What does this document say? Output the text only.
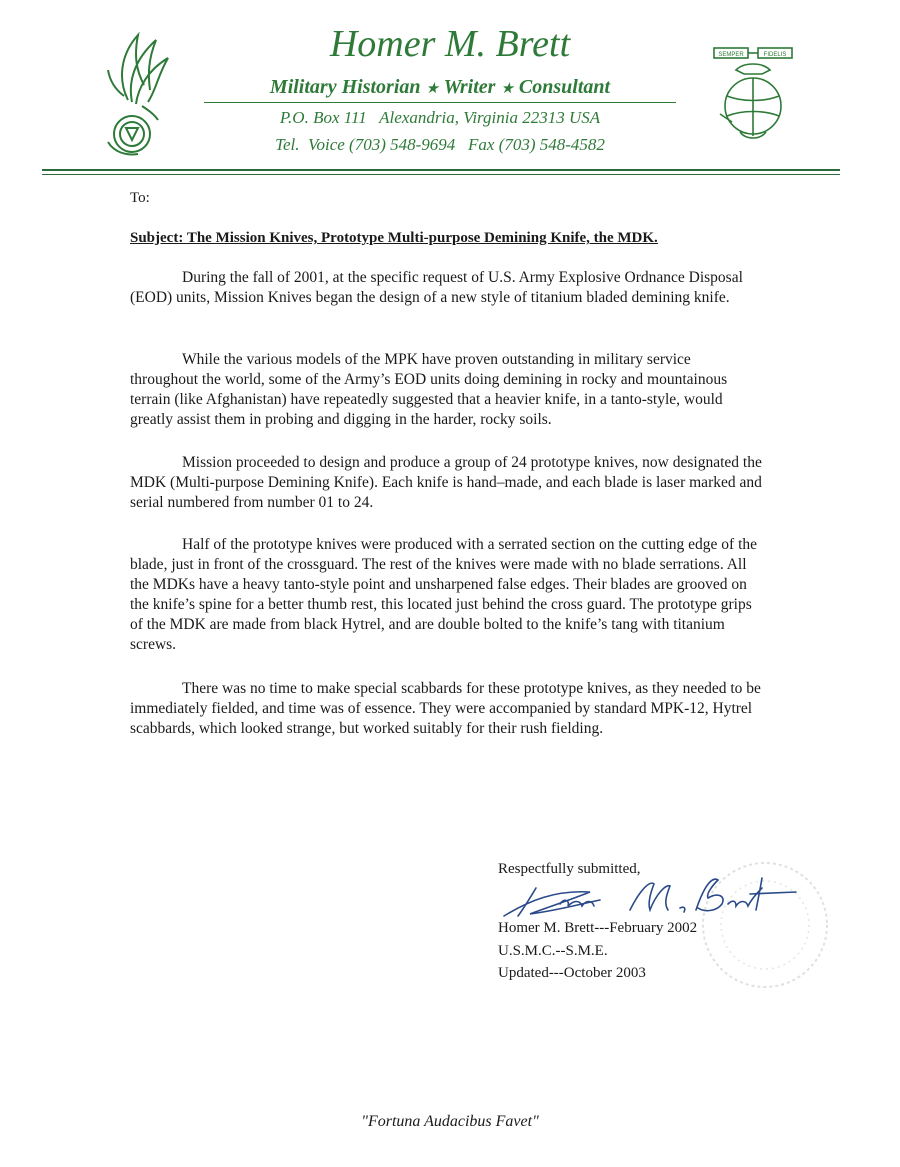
Homer M. Brett
Military Historian ★ Writer ★ Consultant
P.O. Box 111   Alexandria, Virginia 22313 USA
Tel.  Voice (703) 548-9694   Fax (703) 548-4582
SEMPER	FIDELIS
To:
Subject: The Mission Knives, Prototype Multi-purpose Demining Knife, the MDK.

During the fall of 2001, at the specific request of U.S. Army Explosive Ordnance Disposal (EOD) units, Mission Knives began the design of a new style of titanium bladed demining knife.

While the various models of the MPK have proven outstanding in military service throughout the world, some of the Army’s EOD units doing demining in rocky and mountainous terrain (like Afghanistan) have repeatedly suggested that a heavier knife, in a tanto-style, would greatly assist them in probing and digging in the harder, rocky soils.

Mission proceeded to design and produce a group of 24 prototype knives, now designated the MDK (Multi-purpose Demining Knife). Each knife is hand–made, and each blade is laser marked and serial numbered from number 01 to 24.

Half of the prototype knives were produced with a serrated section on the cutting edge of the blade, just in front of the crossguard. The rest of the knives were made with no blade serrations. All the MDKs have a heavy tanto-style point and unsharpened false edges. Their blades are grooved on the knife’s spine for a better thumb rest, this located just behind the cross guard. The prototype grips of the MDK are made from black Hytrel, and are double bolted to the knife’s tang with titanium screws.

There was no time to make special scabbards for these prototype knives, as they needed to be immediately fielded, and time was of essence. They were accompanied by standard MPK-12, Hytrel scabbards, which looked strange, but worked suitably for their rush fielding.

Respectfully submitted,
Homer M. Brett---February 2002
U.S.M.C.--S.M.E.
Updated---October 2003
"Fortuna Audacibus Favet"
